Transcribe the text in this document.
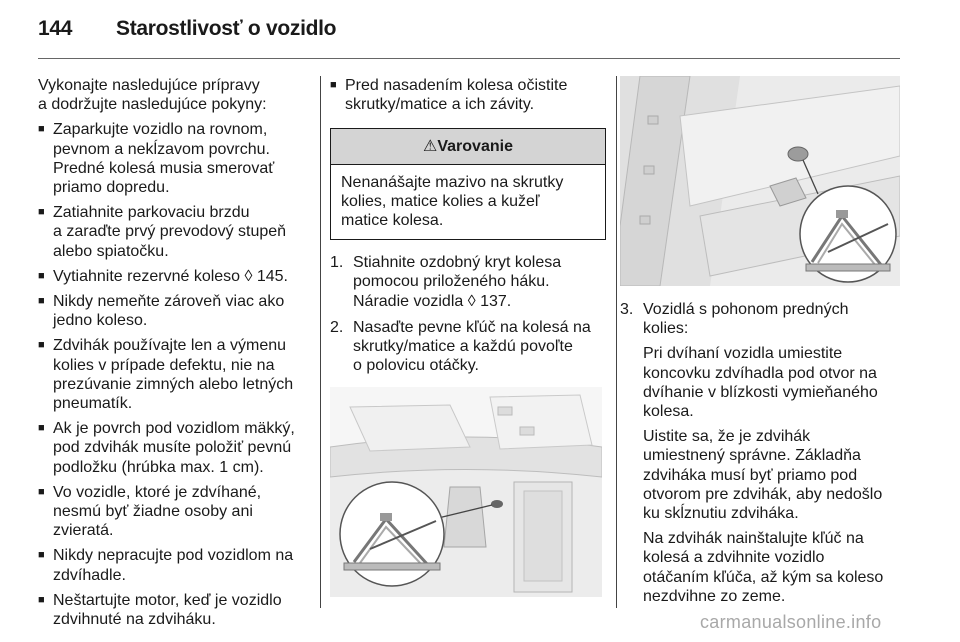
144 Starostlivosť o vozidlo

Vykonajte nasledujúce prípravy
a dodržujte nasledujúce pokyny:

■ Zaparkujte vozidlo na rovnom,
pevnom a nekĺzavom povrchu.
Predné kolesá musia smerovať
priamo dopredu.
■ Zatiahnite parkovaciu brzdu
a zaraďte prvý prevodový stupeň
alebo spiatočku.
■ Vytiahnite rezervné koleso ◊ 145.
■ Nikdy nemeňte zároveň viac ako
jedno koleso.
■ Zdvihák používajte len a výmenu
kolies v prípade defektu, nie na
prezúvanie zimných alebo letných
pneumatík.
■ Ak je povrch pod vozidlom mäkký,
pod zdvihák musíte položiť pevnú
podložku (hrúbka max. 1 cm).
■ Vo vozidle, ktoré je zdvíhané,
nesmú byť žiadne osoby ani
zvieratá.
■ Nikdy nepracujte pod vozidlom na
zdvíhadle.
■ Neštartujte motor, keď je vozidlo
zdvihnuté na zdviháku.
■ Pred nasadením kolesa očistite
skrutky/matice a ich závity.
⚠Varovanie
Nenanášajte mazivo na skrutky
kolies, matice kolies a kužeľ
matice kolesa.
1. Stiahnite ozdobný kryt kolesa
pomocou priloženého háku.
Náradie vozidla ◊ 137.
2. Nasaďte pevne kľúč na kolesá na
skrutky/matice a každú povoľte
o polovicu otáčky.
3. Vozidlá s pohonom predných
kolies:

Pri dvíhaní vozidla umiestite
koncovku zdvíhadla pod otvor na
dvíhanie v blízkosti vymieňaného
kolesa.

Uistite sa, že je zdvihák
umiestnený správne. Základňa
zdviháka musí byť priamo pod
otvorom pre zdvihák, aby nedošlo
ku skĺznutiu zdviháka.

Na zdvihák nainštalujte kľúč na
kolesá a zdvihnite vozidlo
otáčaním kľúča, až kým sa koleso
nezdvihne zo zeme.

carmanualsonline.info
